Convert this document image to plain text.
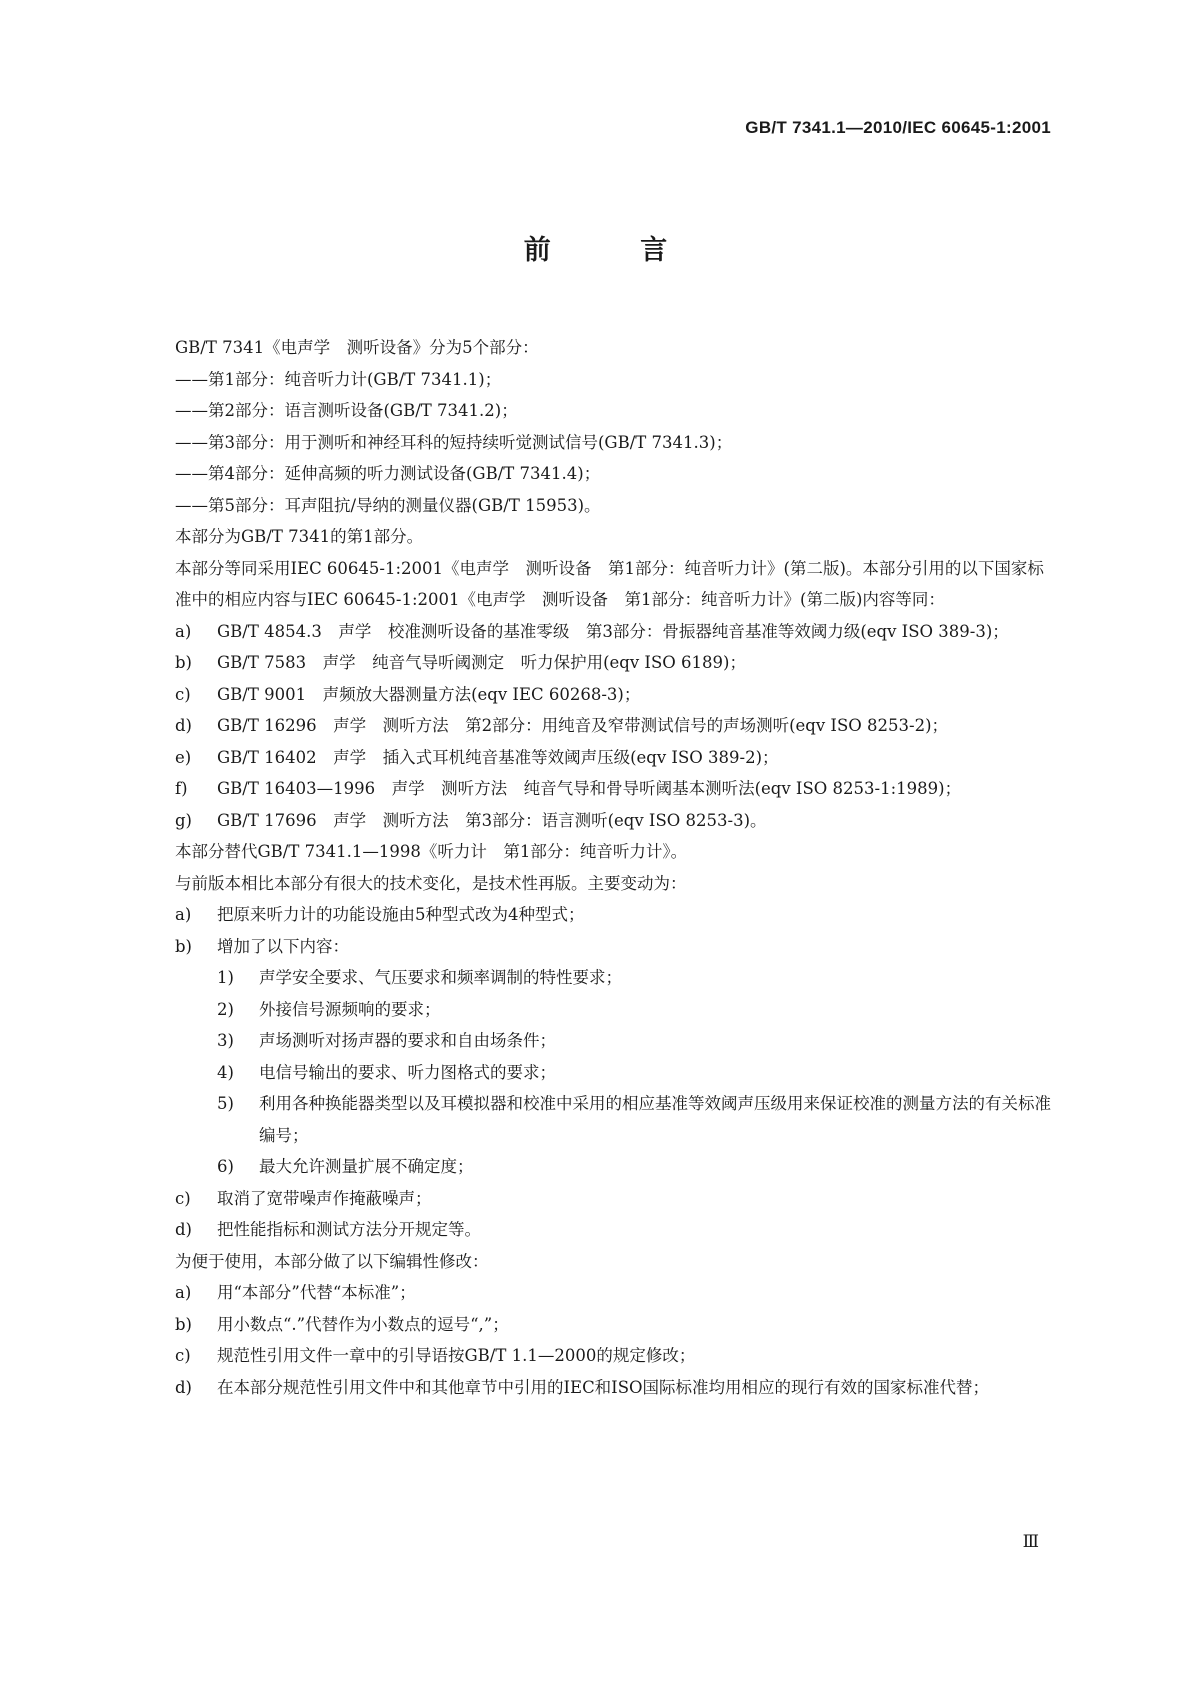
GB/T 7341.1—2010/IEC 60645-1:2001
前 言

GB/T 7341《电声学　测听设备》分为5个部分：

——第1部分：纯音听力计(GB/T 7341.1)；

——第2部分：语言测听设备(GB/T 7341.2)；

——第3部分：用于测听和神经耳科的短持续听觉测试信号(GB/T 7341.3)；

——第4部分：延伸高频的听力测试设备(GB/T 7341.4)；

——第5部分：耳声阻抗/导纳的测量仪器(GB/T 15953)。

本部分为GB/T 7341的第1部分。

本部分等同采用IEC 60645-1:2001《电声学　测听设备　第1部分：纯音听力计》(第二版)。本部分引用的以下国家标准中的相应内容与IEC 60645-1:2001《电声学　测听设备　第1部分：纯音听力计》(第二版)内容等同：

a) GB/T 4854.3　声学　校准测听设备的基准零级　第3部分：骨振器纯音基准等效阈力级(eqv ISO 389-3)；
b) GB/T 7583　声学　纯音气导听阈测定　听力保护用(eqv ISO 6189)；
c) GB/T 9001　声频放大器测量方法(eqv IEC 60268-3)；
d) GB/T 16296　声学　测听方法　第2部分：用纯音及窄带测试信号的声场测听(eqv ISO 8253-2)；
e) GB/T 16402　声学　插入式耳机纯音基准等效阈声压级(eqv ISO 389-2)；
f) GB/T 16403—1996　声学　测听方法　纯音气导和骨导听阈基本测听法(eqv ISO 8253-1:1989)；
g) GB/T 17696　声学　测听方法　第3部分：语言测听(eqv ISO 8253-3)。

本部分替代GB/T 7341.1—1998《听力计　第1部分：纯音听力计》。

与前版本相比本部分有很大的技术变化，是技术性再版。主要变动为：

a) 把原来听力计的功能设施由5种型式改为4种型式；
b) 增加了以下内容：
1) 声学安全要求、气压要求和频率调制的特性要求；
2) 外接信号源频响的要求；
3) 声场测听对扬声器的要求和自由场条件；
4) 电信号输出的要求、听力图格式的要求；
5) 利用各种换能器类型以及耳模拟器和校准中采用的相应基准等效阈声压级用来保证校准的测量方法的有关标准编号；
6) 最大允许测量扩展不确定度；
c) 取消了宽带噪声作掩蔽噪声；
d) 把性能指标和测试方法分开规定等。

为便于使用，本部分做了以下编辑性修改：

a) 用“本部分”代替“本标准”；
b) 用小数点“.”代替作为小数点的逗号“,”；
c) 规范性引用文件一章中的引导语按GB/T 1.1—2000的规定修改；
d) 在本部分规范性引用文件中和其他章节中引用的IEC和ISO国际标准均用相应的现行有效的国家标准代替；
Ⅲ
